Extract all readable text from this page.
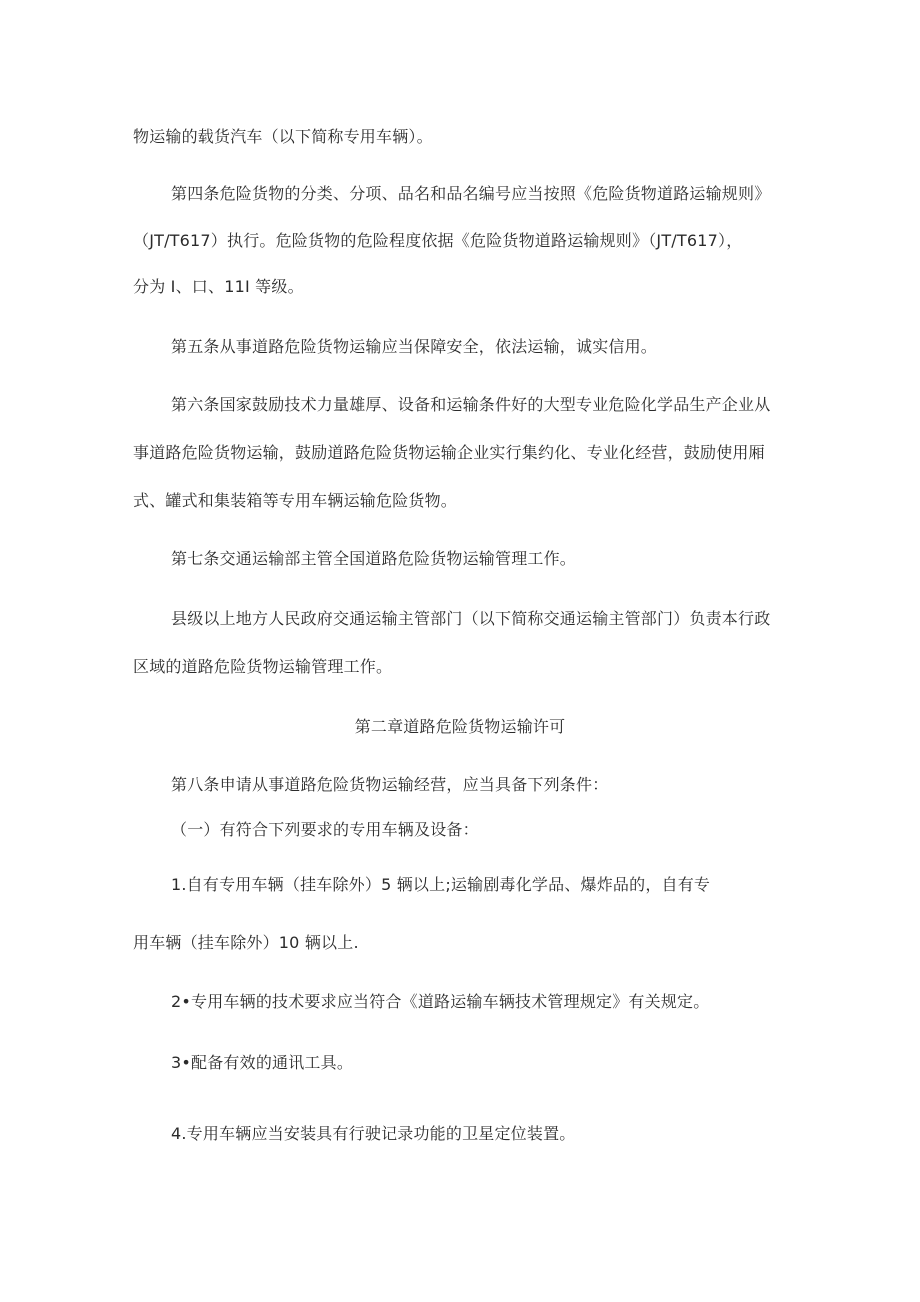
物运输的载货汽车（以下简称专用车辆）。
第四条危险货物的分类、分项、品名和品名编号应当按照《危险货物道路运输规则》
（JT/T617）执行。危险货物的危险程度依据《危险货物道路运输规则》（JT/T617），
分为 I、口、11I 等级。
第五条从事道路危险货物运输应当保障安全，依法运输，诚实信用。
第六条国家鼓励技术力量雄厚、设备和运输条件好的大型专业危险化学品生产企业从
事道路危险货物运输，鼓励道路危险货物运输企业实行集约化、专业化经营，鼓励使用厢
式、罐式和集装箱等专用车辆运输危险货物。
第七条交通运输部主管全国道路危险货物运输管理工作。
县级以上地方人民政府交通运输主管部门（以下简称交通运输主管部门）负责本行政
区域的道路危险货物运输管理工作。
第二章道路危险货物运输许可
第八条申请从事道路危险货物运输经营，应当具备下列条件：
（一）有符合下列要求的专用车辆及设备：
1.自有专用车辆（挂车除外）5 辆以上;运输剧毒化学品、爆炸品的，自有专
用车辆（挂车除外）10 辆以上.
2•专用车辆的技术要求应当符合《道路运输车辆技术管理规定》有关规定。
3•配备有效的通讯工具。
4.专用车辆应当安装具有行驶记录功能的卫星定位装置。
